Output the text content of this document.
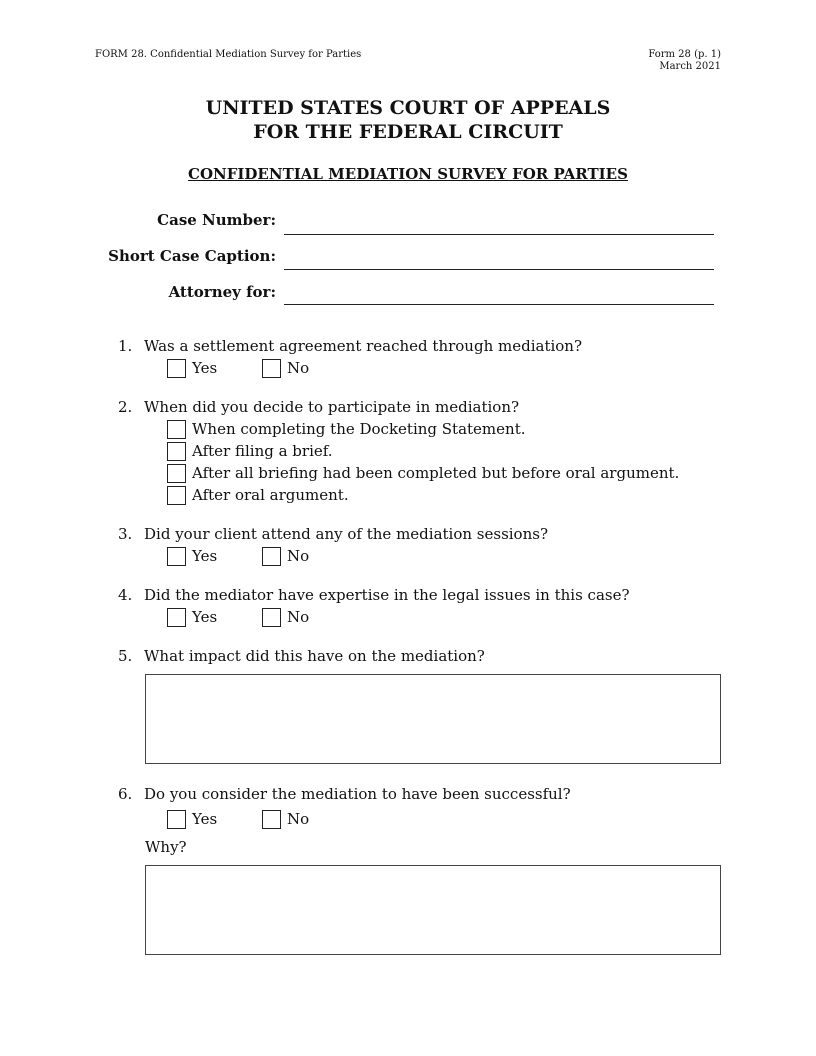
FORM 28. Confidential Mediation Survey for Parties	Form 28 (p. 1)
March 2021
UNITED STATES COURT OF APPEALS
FOR THE FEDERAL CIRCUIT
CONFIDENTIAL MEDIATION SURVEY FOR PARTIES
Case Number:
Short Case Caption:
Attorney for:
1. Was a settlement agreement reached through mediation?
Yes	No
2. When did you decide to participate in mediation?
When completing the Docketing Statement.
After filing a brief.
After all briefing had been completed but before oral argument.
After oral argument.
3. Did your client attend any of the mediation sessions?
Yes	No
4. Did the mediator have expertise in the legal issues in this case?
Yes	No
5. What impact did this have on the mediation?
6. Do you consider the mediation to have been successful?
Yes	No
Why?
